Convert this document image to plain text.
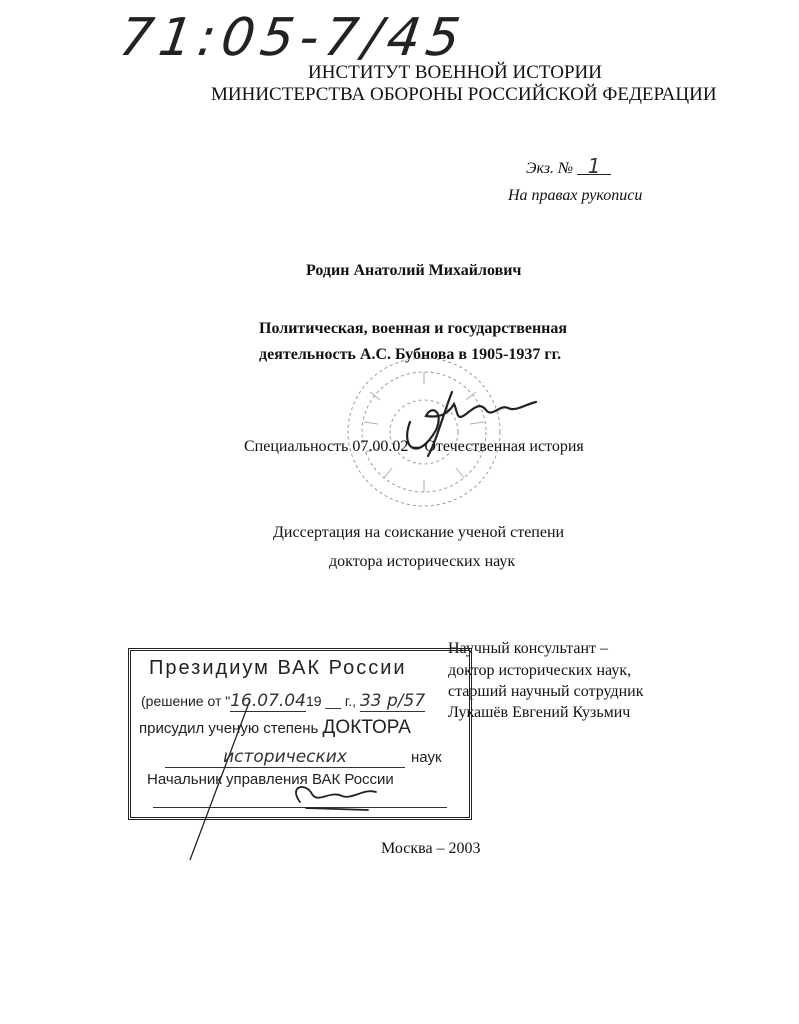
71:05-7/45
ИНСТИТУТ ВОЕННОЙ ИСТОРИИ
МИНИСТЕРСТВА ОБОРОНЫ РОССИЙСКОЙ ФЕДЕРАЦИИ
Экз. № 1
На правах рукописи
Родин Анатолий Михайлович
Политическая, военная и государственная
деятельность А.С. Бубнова в 1905-1937 гг.
Специальность 07.00.02 – Отечественная история
Диссертация на соискание ученой степени
доктора исторических наук
Научный консультант –
доктор исторических наук,
старший научный сотрудник
Лукашёв Евгений Кузьмич
Президиум ВАК России
(решение от "16.07.0419 __ г., 33 р/57
присудил ученую степень ДОКТОРА
исторических	наук
Начальник управления ВАК России
Москва – 2003
